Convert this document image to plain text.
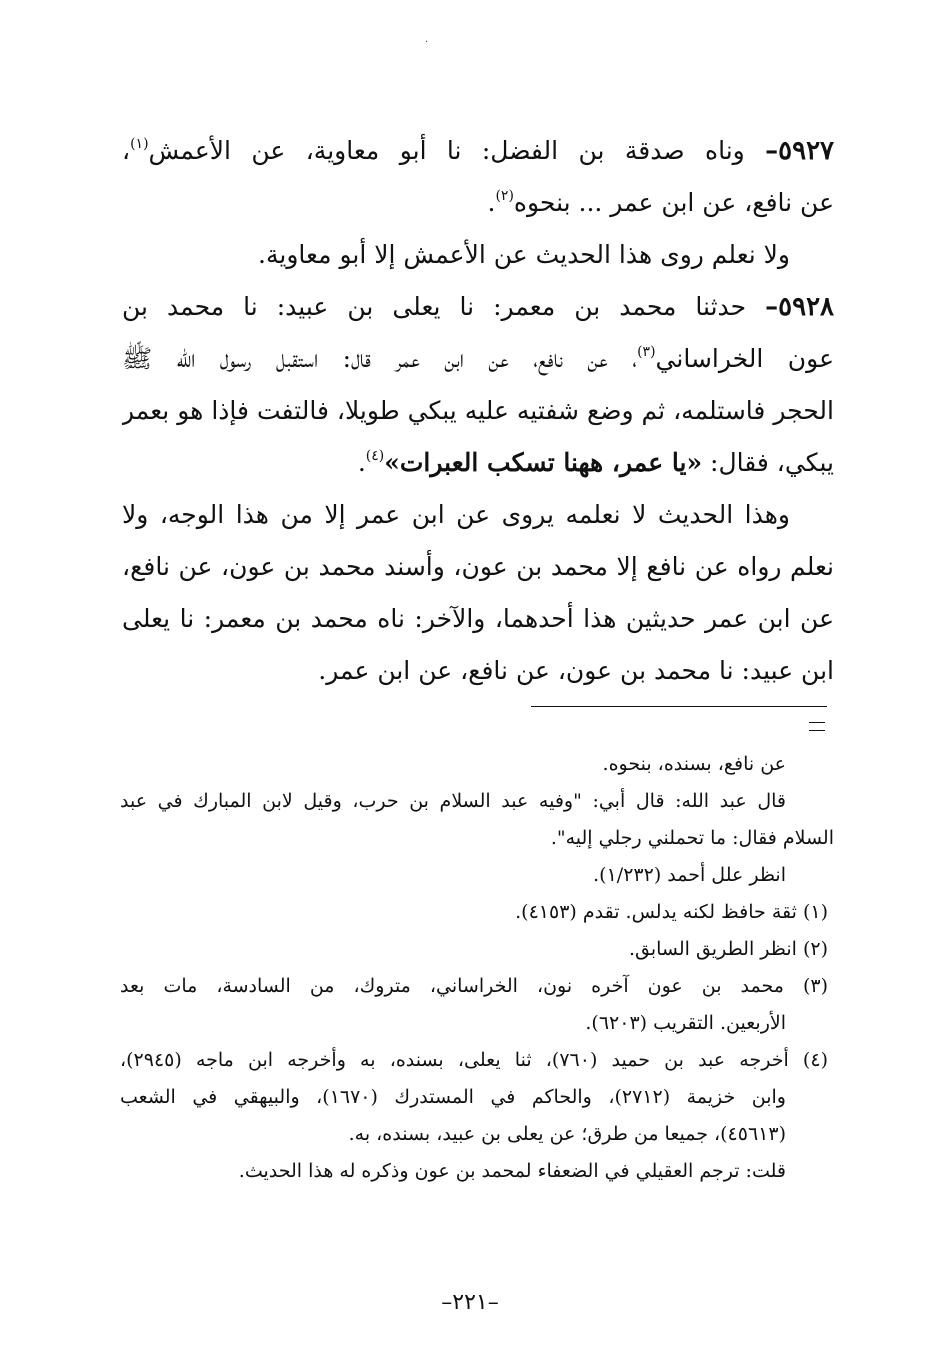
·
٥٩٢٧– وناه صدقة بن الفضل: نا أبو معاوية، عن الأعمش$^{(١)}$،
عن نافع، عن ابن عمر ... بنحوه$^{(٢)}$.
ولا نعلم روى هذا الحديث عن الأعمش إلا أبو معاوية.
٥٩٢٨– حدثنا محمد بن معمر: نا يعلى بن عبيد: نا محمد بن
عون الخراساني$^{(٣)}$، عن نافع، عن ابن عمر قال: استقبل رسول الله ﷺ
الحجر فاستلمه، ثم وضع شفتيه عليه يبكي طويلا، فالتفت فإذا هو بعمر
يبكي، فقال: «يا عمر، ههنا تسكب العبرات»$^{(٤)}$.
وهذا الحديث لا نعلمه يروى عن ابن عمر إلا من هذا الوجه، ولا
نعلم رواه عن نافع إلا محمد بن عون، وأسند محمد بن عون، عن نافع،
عن ابن عمر حديثين هذا أحدهما، والآخر: ناه محمد بن معمر: نا يعلى
ابن عبيد: نا محمد بن عون، عن نافع، عن ابن عمر.
عن نافع، بسنده، بنحوه.
قال عبد الله: قال أبي: "وفيه عبد السلام بن حرب، وقيل لابن المبارك في عبد
السلام فقال: ما تحملني رجلي إليه".
انظر علل أحمد (١/٢٣٢).
(١) ثقة حافظ لكنه يدلس. تقدم (٤١٥٣).
(٢) انظر الطريق السابق.
(٣) محمد بن عون آخره نون، الخراساني، متروك، من السادسة، مات بعد
الأربعين. التقريب (٦٢٠٣).
(٤) أخرجه عبد بن حميد (٧٦٠)، ثنا يعلى، بسنده، به وأخرجه ابن ماجه (٢٩٤٥)،
وابن خزيمة (٢٧١٢)، والحاكم في المستدرك (١٦٧٠)، والبيهقي في الشعب
(٤٥٦١٣)، جميعا من طرق؛ عن يعلى بن عبيد، بسنده، به.
قلت: ترجم العقيلي في الضعفاء لمحمد بن عون وذكره له هذا الحديث.
–٢٢١–
